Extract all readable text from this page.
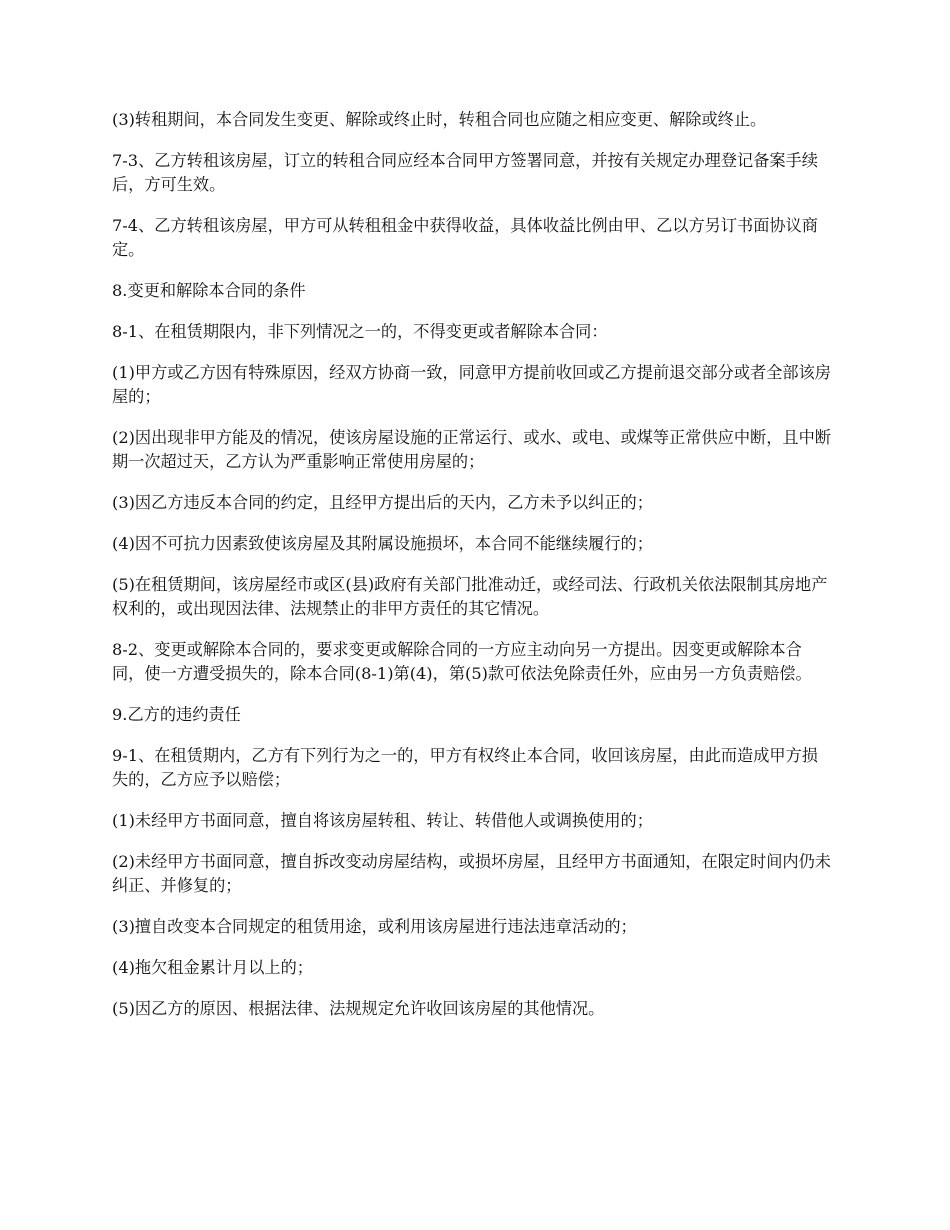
(3)转租期间，本合同发生变更、解除或终止时，转租合同也应随之相应变更、解除或终止。

7-3、乙方转租该房屋，订立的转租合同应经本合同甲方签署同意，并按有关规定办理登记备案手续后，方可生效。

7-4、乙方转租该房屋，甲方可从转租租金中获得收益，具体收益比例由甲、乙以方另订书面协议商定。

8.变更和解除本合同的条件

8-1、在租赁期限内，非下列情况之一的，不得变更或者解除本合同：

(1)甲方或乙方因有特殊原因，经双方协商一致，同意甲方提前收回或乙方提前退交部分或者全部该房屋的；

(2)因出现非甲方能及的情况，使该房屋设施的正常运行、或水、或电、或煤等正常供应中断，且中断期一次超过天，乙方认为严重影响正常使用房屋的；

(3)因乙方违反本合同的约定，且经甲方提出后的天内，乙方未予以纠正的；

(4)因不可抗力因素致使该房屋及其附属设施损坏，本合同不能继续履行的；

(5)在租赁期间，该房屋经市或区(县)政府有关部门批准动迁，或经司法、行政机关依法限制其房地产权利的，或出现因法律、法规禁止的非甲方责任的其它情况。

8-2、变更或解除本合同的，要求变更或解除合同的一方应主动向另一方提出。因变更或解除本合同，使一方遭受损失的，除本合同(8-1)第(4)，第(5)款可依法免除责任外，应由另一方负责赔偿。

9.乙方的违约责任

9-1、在租赁期内，乙方有下列行为之一的，甲方有权终止本合同，收回该房屋，由此而造成甲方损失的，乙方应予以赔偿；

(1)未经甲方书面同意，擅自将该房屋转租、转让、转借他人或调换使用的；

(2)未经甲方书面同意，擅自拆改变动房屋结构，或损坏房屋，且经甲方书面通知，在限定时间内仍未纠正、并修复的；

(3)擅自改变本合同规定的租赁用途，或利用该房屋进行违法违章活动的；

(4)拖欠租金累计月以上的；

(5)因乙方的原因、根据法律、法规规定允许收回该房屋的其他情况。
